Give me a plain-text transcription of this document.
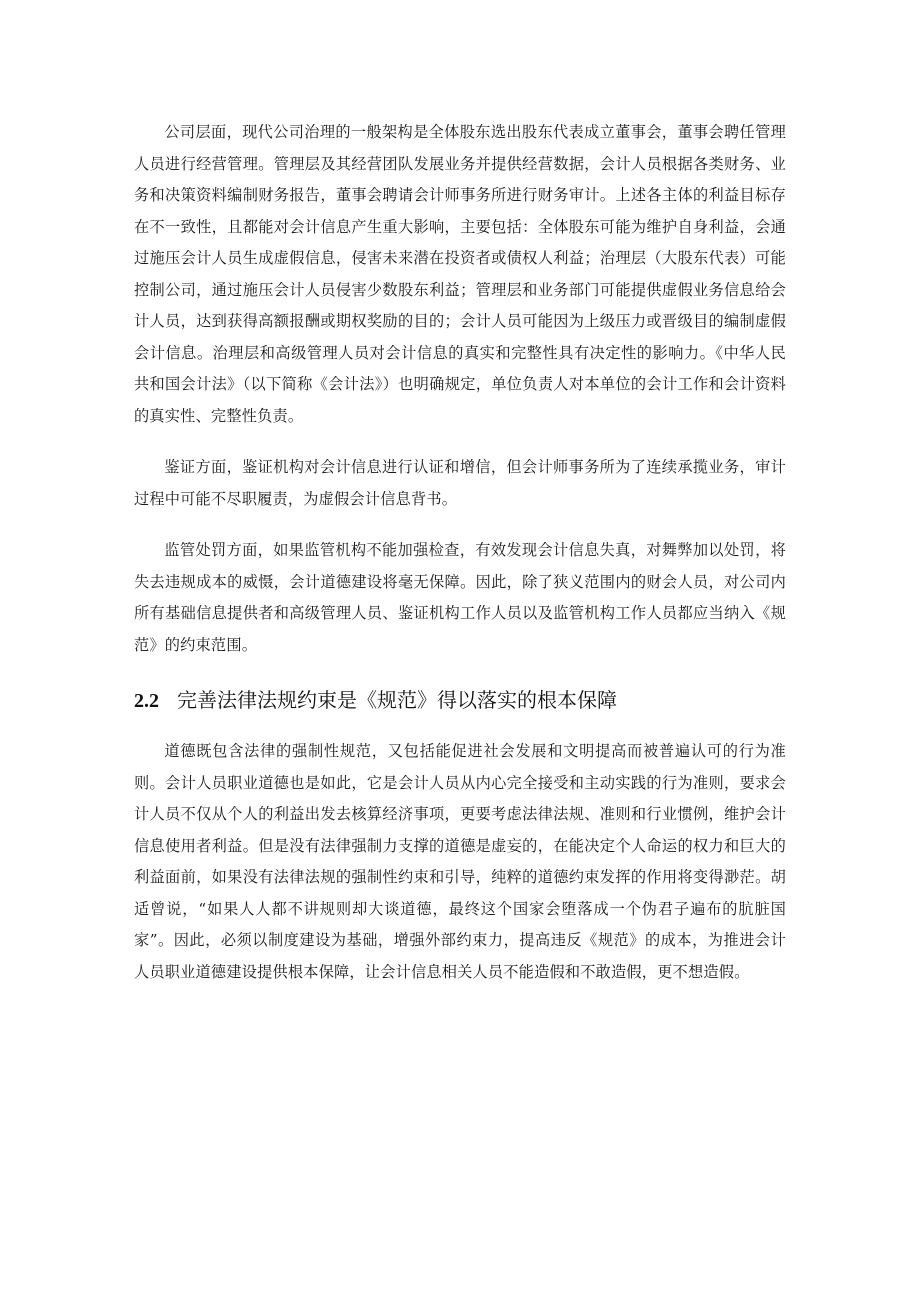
公司层面，现代公司治理的一般架构是全体股东选出股东代表成立董事会，董事会聘任管理人员进行经营管理。管理层及其经营团队发展业务并提供经营数据，会计人员根据各类财务、业务和决策资料编制财务报告，董事会聘请会计师事务所进行财务审计。上述各主体的利益目标存在不一致性，且都能对会计信息产生重大影响，主要包括：全体股东可能为维护自身利益，会通过施压会计人员生成虚假信息，侵害未来潜在投资者或债权人利益；治理层（大股东代表）可能控制公司，通过施压会计人员侵害少数股东利益；管理层和业务部门可能提供虚假业务信息给会计人员，达到获得高额报酬或期权奖励的目的；会计人员可能因为上级压力或晋级目的编制虚假会计信息。治理层和高级管理人员对会计信息的真实和完整性具有决定性的影响力。《中华人民共和国会计法》（以下简称《会计法》）也明确规定，单位负责人对本单位的会计工作和会计资料的真实性、完整性负责。

鉴证方面，鉴证机构对会计信息进行认证和增信，但会计师事务所为了连续承揽业务，审计过程中可能不尽职履责，为虚假会计信息背书。

监管处罚方面，如果监管机构不能加强检查，有效发现会计信息失真，对舞弊加以处罚，将失去违规成本的威慑，会计道德建设将毫无保障。因此，除了狭义范围内的财会人员，对公司内所有基础信息提供者和高级管理人员、鉴证机构工作人员以及监管机构工作人员都应当纳入《规范》的约束范围。

2.2 完善法律法规约束是《规范》得以落实的根本保障

道德既包含法律的强制性规范，又包括能促进社会发展和文明提高而被普遍认可的行为准则。会计人员职业道德也是如此，它是会计人员从内心完全接受和主动实践的行为准则，要求会计人员不仅从个人的利益出发去核算经济事项，更要考虑法律法规、准则和行业惯例，维护会计信息使用者利益。但是没有法律强制力支撑的道德是虚妄的，在能决定个人命运的权力和巨大的利益面前，如果没有法律法规的强制性约束和引导，纯粹的道德约束发挥的作用将变得渺茫。胡适曾说，“如果人人都不讲规则却大谈道德，最终这个国家会堕落成一个伪君子遍布的肮脏国家”。因此，必须以制度建设为基础，增强外部约束力，提高违反《规范》的成本，为推进会计人员职业道德建设提供根本保障，让会计信息相关人员不能造假和不敢造假，更不想造假。
